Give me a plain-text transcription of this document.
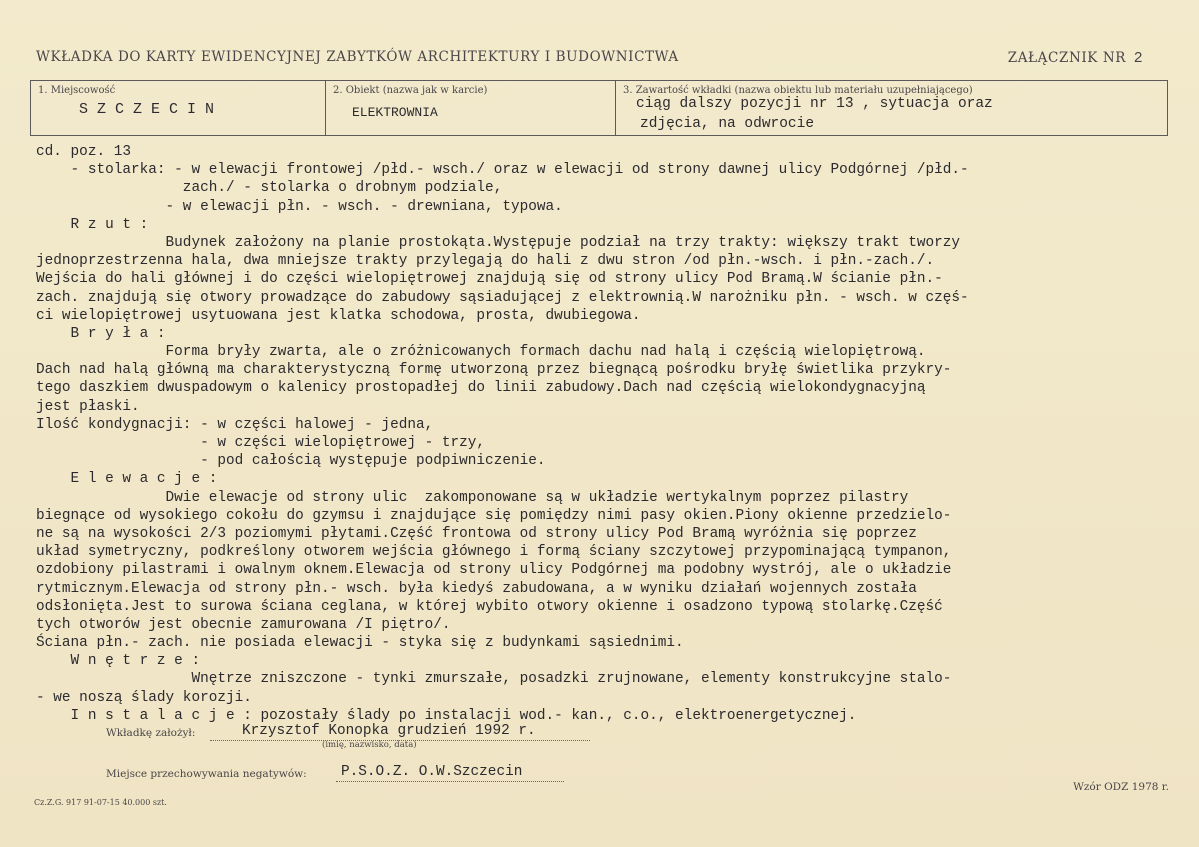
WKŁADKA DO KARTY EWIDENCYJNEJ ZABYTKÓW ARCHITEKTURY I BUDOWNICTWA	ZAŁĄCZNIK NR 2
1. Miejscowość
SZCZECIN
2. Obiekt (nazwa jak w karcie)
ELEKTROWNIA
3. Zawartość wkładki (nazwa obiektu lub materiału uzupełniającego)
ciąg dalszy pozycji nr 13 , sytuacja oraz
zdjęcia, na odwrocie
cd. poz. 13
- stolarka: - w elewacji frontowej /płd.- wsch./ oraz w elewacji od strony dawnej ulicy Podgórnej /płd.-
zach./ - stolarka o drobnym podziale,
- w elewacji płn. - wsch. - drewniana, typowa.
R z u t :
Budynek założony na planie prostokąta.Występuje podział na trzy trakty: większy trakt tworzy
jednoprzestrzenna hala, dwa mniejsze trakty przylegają do hali z dwu stron /od płn.-wsch. i płn.-zach./.
Wejścia do hali głównej i do części wielopiętrowej znajdują się od strony ulicy Pod Bramą.W ścianie płn.-
zach. znajdują się otwory prowadzące do zabudowy sąsiadującej z elektrownią.W narożniku płn. - wsch. w częś-
ci wielopiętrowej usytuowana jest klatka schodowa, prosta, dwubiegowa.
B r y ł a :
Forma bryły zwarta, ale o zróżnicowanych formach dachu nad halą i częścią wielopiętrową.
Dach nad halą główną ma charakterystyczną formę utworzoną przez biegnącą pośrodku bryłę świetlika przykry-
tego daszkiem dwuspadowym o kalenicy prostopadłej do linii zabudowy.Dach nad częścią wielokondygnacyjną
jest płaski.
Ilość kondygnacji: - w części halowej - jedna,
- w części wielopiętrowej - trzy,
- pod całością występuje podpiwniczenie.
E l e w a c j e :
Dwie elewacje od strony ulic  zakomponowane są w układzie wertykalnym poprzez pilastry
biegnące od wysokiego cokołu do gzymsu i znajdujące się pomiędzy nimi pasy okien.Piony okienne przedzielo-
ne są na wysokości 2/3 poziomymi płytami.Część frontowa od strony ulicy Pod Bramą wyróżnia się poprzez
układ symetryczny, podkreślony otworem wejścia głównego i formą ściany szczytowej przypominającą tympanon,
ozdobiony pilastrami i owalnym oknem.Elewacja od strony ulicy Podgórnej ma podobny wystrój, ale o układzie
rytmicznym.Elewacja od strony płn.- wsch. była kiedyś zabudowana, a w wyniku działań wojennych została
odsłonięta.Jest to surowa ściana ceglana, w której wybito otwory okienne i osadzono typową stolarkę.Część
tych otworów jest obecnie zamurowana /I piętro/.
Ściana płn.- zach. nie posiada elewacji - styka się z budynkami sąsiednimi.
W n ę t r z e :
Wnętrze zniszczone - tynki zmurszałe, posadzki zrujnowane, elementy konstrukcyjne stalo-
- we noszą ślady korozji.
I n s t a l a c j e : pozostały ślady po instalacji wod.- kan., c.o., elektroenergetycznej.
Wkładkę założył:	Krzysztof Konopka grudzień 1992 r.
(imię, nazwisko, data)
Miejsce przechowywania negatywów: P.S.O.Z. O.W.Szczecin
Cz.Z.G. 917 91-07-15 40.000 szt.
Wzór ODZ 1978 r.
